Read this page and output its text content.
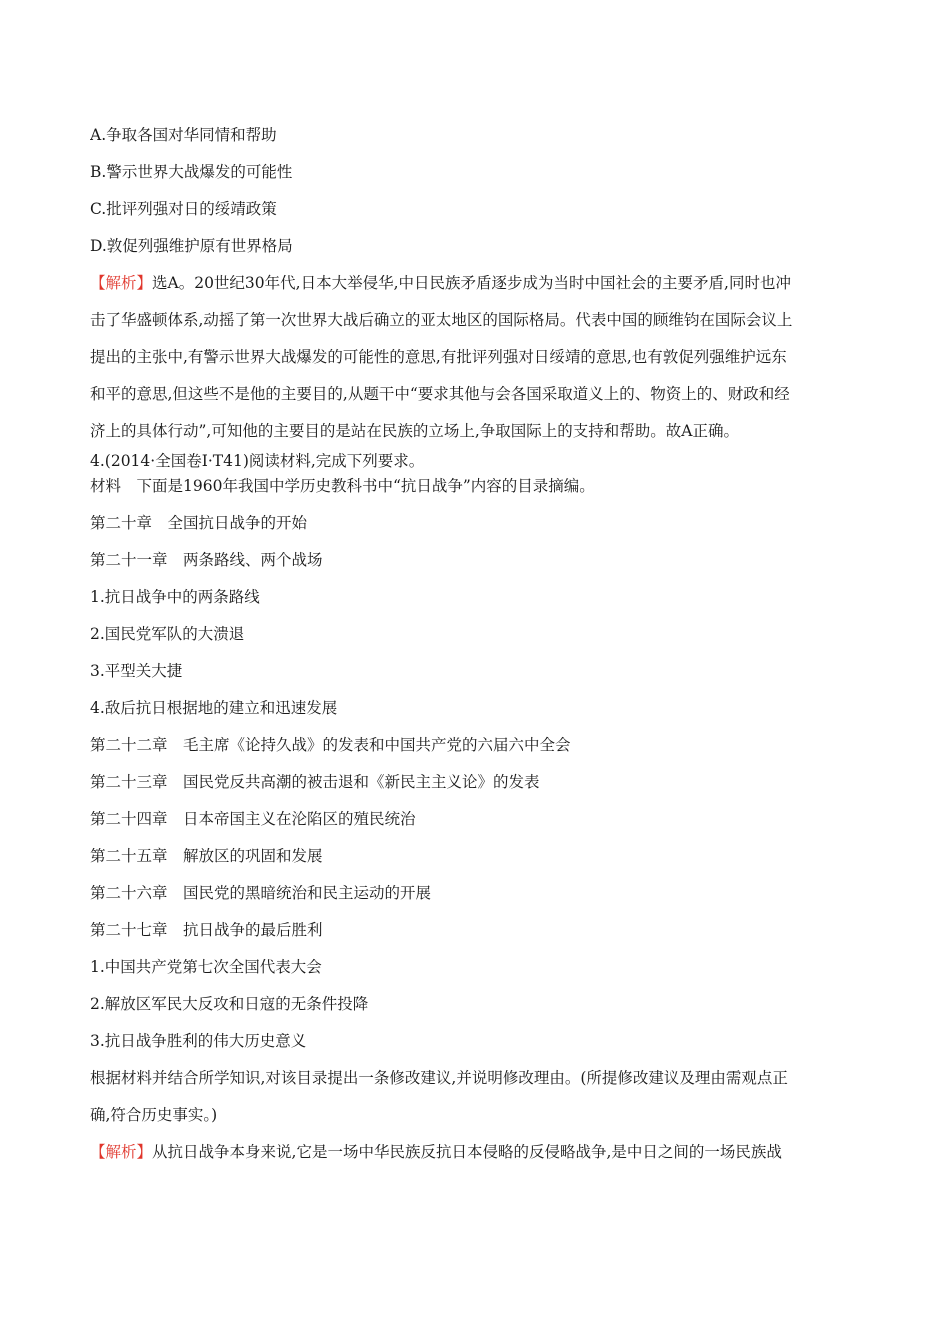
A.争取各国对华同情和帮助
B.警示世界大战爆发的可能性
C.批评列强对日的绥靖政策
D.敦促列强维护原有世界格局
【解析】选A。20世纪30年代,日本大举侵华,中日民族矛盾逐步成为当时中国社会的主要矛盾,同时也冲
击了华盛顿体系,动摇了第一次世界大战后确立的亚太地区的国际格局。代表中国的顾维钧在国际会议上
提出的主张中,有警示世界大战爆发的可能性的意思,有批评列强对日绥靖的意思,也有敦促列强维护远东
和平的意思,但这些不是他的主要目的,从题干中“要求其他与会各国采取道义上的、物资上的、财政和经
济上的具体行动”,可知他的主要目的是站在民族的立场上,争取国际上的支持和帮助。故A正确。
4.(2014·全国卷Ⅰ·T41)阅读材料,完成下列要求。
材料　下面是1960年我国中学历史教科书中“抗日战争”内容的目录摘编。
第二十章　全国抗日战争的开始
第二十一章　两条路线、两个战场
1.抗日战争中的两条路线
2.国民党军队的大溃退
3.平型关大捷
4.敌后抗日根据地的建立和迅速发展
第二十二章　毛主席《论持久战》的发表和中国共产党的六届六中全会
第二十三章　国民党反共高潮的被击退和《新民主主义论》的发表
第二十四章　日本帝国主义在沦陷区的殖民统治
第二十五章　解放区的巩固和发展
第二十六章　国民党的黑暗统治和民主运动的开展
第二十七章　抗日战争的最后胜利
1.中国共产党第七次全国代表大会
2.解放区军民大反攻和日寇的无条件投降
3.抗日战争胜利的伟大历史意义
根据材料并结合所学知识,对该目录提出一条修改建议,并说明修改理由。(所提修改建议及理由需观点正
确,符合历史事实。)
【解析】从抗日战争本身来说,它是一场中华民族反抗日本侵略的反侵略战争,是中日之间的一场民族战
